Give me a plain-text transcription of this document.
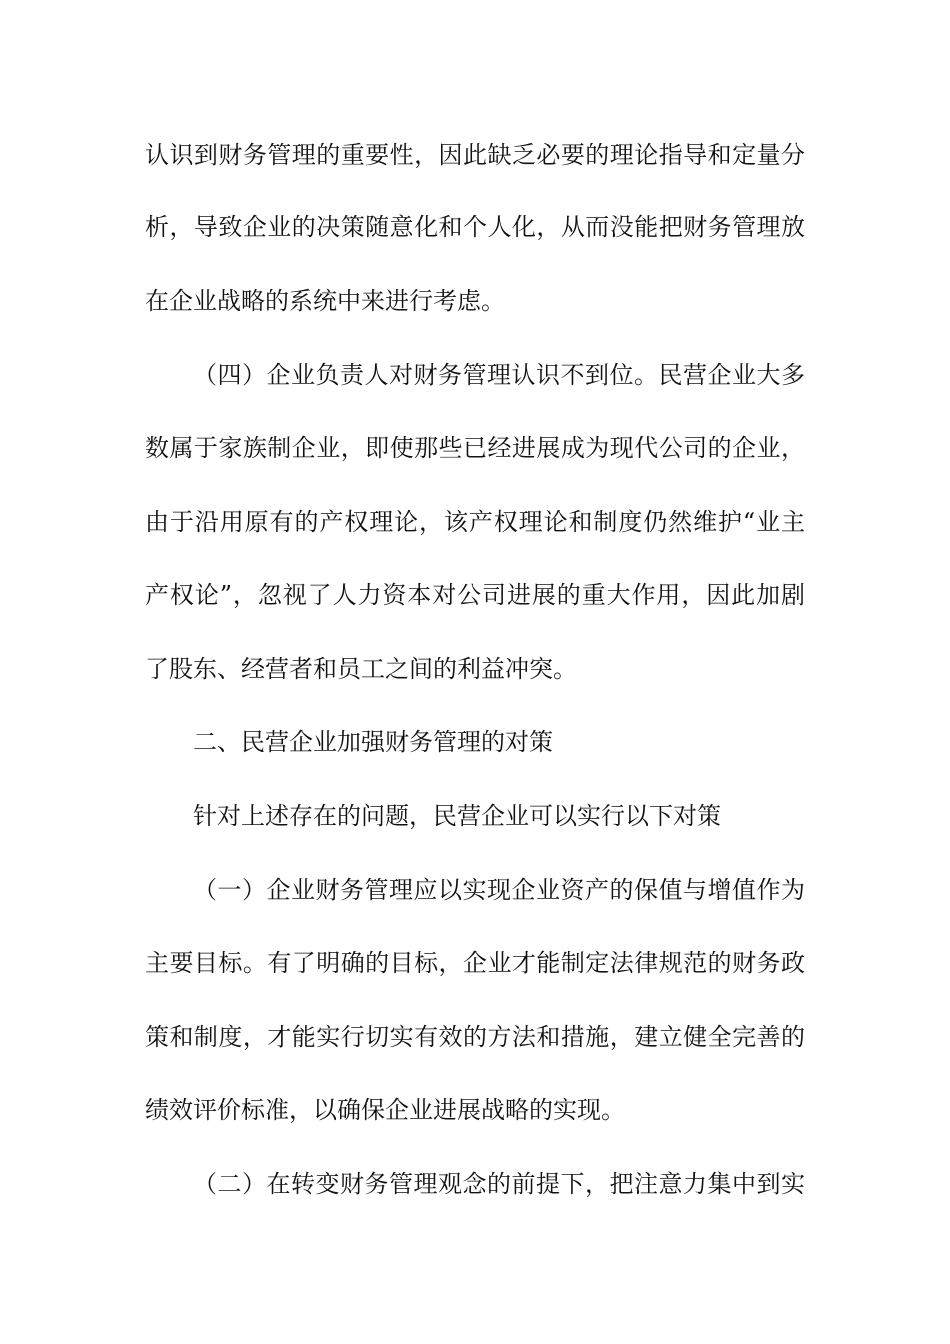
认识到财务管理的重要性，因此缺乏必要的理论指导和定量分
析，导致企业的决策随意化和个人化，从而没能把财务管理放
在企业战略的系统中来进行考虑。
（四）企业负责人对财务管理认识不到位。民营企业大多
数属于家族制企业，即使那些已经进展成为现代公司的企业，
由于沿用原有的产权理论，该产权理论和制度仍然维护“业主
产权论”，忽视了人力资本对公司进展的重大作用，因此加剧
了股东、经营者和员工之间的利益冲突。
二、民营企业加强财务管理的对策
针对上述存在的问题，民营企业可以实行以下对策
（一）企业财务管理应以实现企业资产的保值与增值作为
主要目标。有了明确的目标，企业才能制定法律规范的财务政
策和制度，才能实行切实有效的方法和措施，建立健全完善的
绩效评价标准，以确保企业进展战略的实现。
（二）在转变财务管理观念的前提下，把注意力集中到实
